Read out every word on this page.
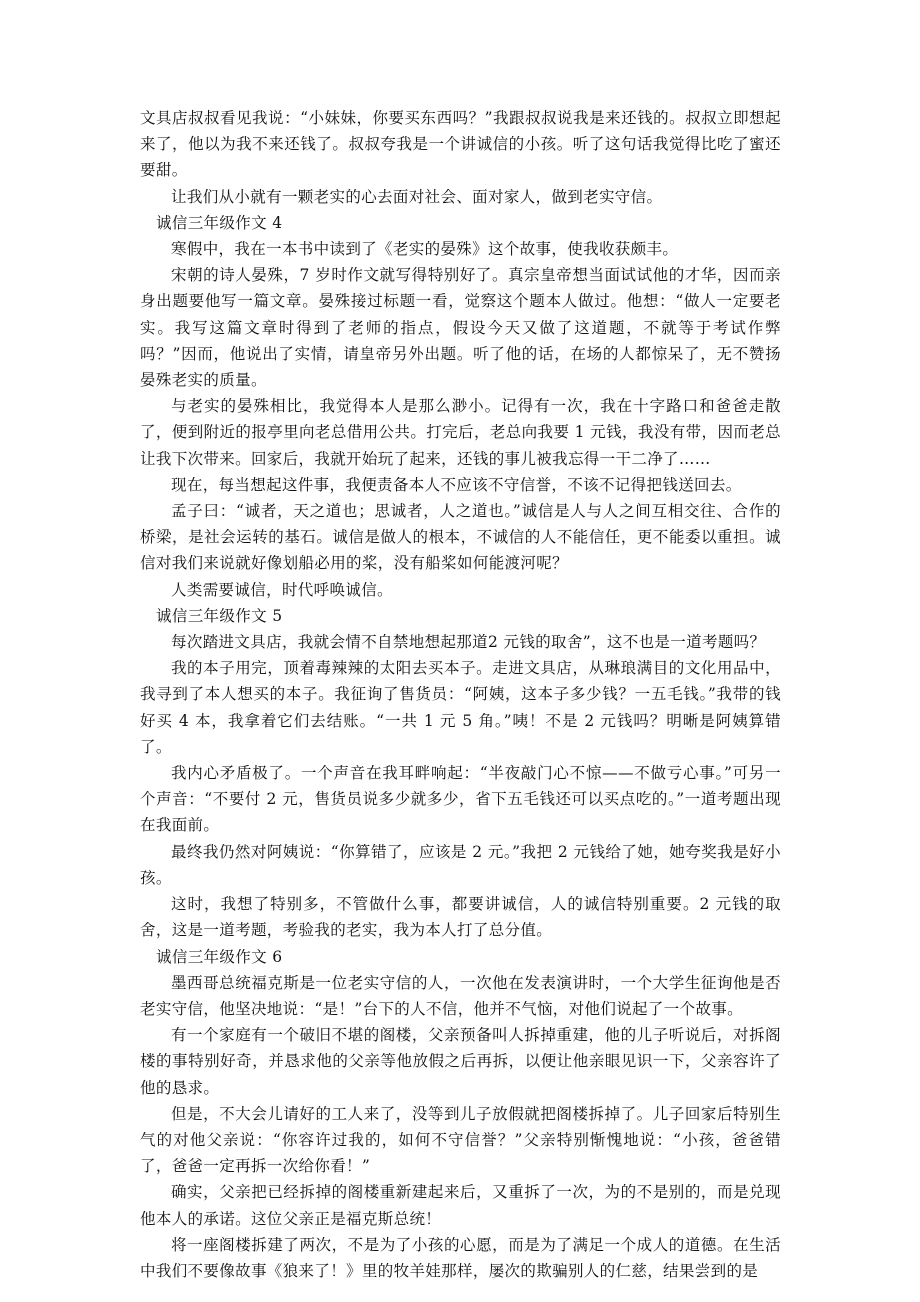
文具店叔叔看见我说：“小妹妹，你要买东西吗？”我跟叔叔说我是来还钱的。叔叔立即想起来了，他以为我不来还钱了。叔叔夸我是一个讲诚信的小孩。听了这句话我觉得比吃了蜜还要甜。

让我们从小就有一颗老实的心去面对社会、面对家人，做到老实守信。

诚信三年级作文 4

寒假中，我在一本书中读到了《老实的晏殊》这个故事，使我收获颇丰。

宋朝的诗人晏殊，7 岁时作文就写得特别好了。真宗皇帝想当面试试他的才华，因而亲身出题要他写一篇文章。晏殊接过标题一看，觉察这个题本人做过。他想：“做人一定要老实。我写这篇文章时得到了老师的指点，假设今天又做了这道题，不就等于考试作弊吗？”因而，他说出了实情，请皇帝另外出题。听了他的话，在场的人都惊呆了，无不赞扬晏殊老实的质量。

与老实的晏殊相比，我觉得本人是那么渺小。记得有一次，我在十字路口和爸爸走散了，便到附近的报亭里向老总借用公共。打完后，老总向我要 1 元钱，我没有带，因而老总让我下次带来。回家后，我就开始玩了起来，还钱的事儿被我忘得一干二净了……

现在，每当想起这件事，我便责备本人不应该不守信誉，不该不记得把钱送回去。

孟子曰：“诚者，天之道也；思诚者，人之道也。”诚信是人与人之间互相交往、合作的桥梁，是社会运转的基石。诚信是做人的根本，不诚信的人不能信任，更不能委以重担。诚信对我们来说就好像划船必用的桨，没有船桨如何能渡河呢？

人类需要诚信，时代呼唤诚信。

诚信三年级作文 5

每次踏进文具店，我就会情不自禁地想起那道2 元钱的取舍”，这不也是一道考题吗？

我的本子用完，顶着毒辣辣的太阳去买本子。走进文具店，从琳琅满目的文化用品中，我寻到了本人想买的本子。我征询了售货员：“阿姨，这本子多少钱？一五毛钱。”我带的钱好买 4 本，我拿着它们去结账。“一共 1 元 5 角。”咦！不是 2 元钱吗？明晰是阿姨算错了。

我内心矛盾极了。一个声音在我耳畔响起：“半夜敲门心不惊——不做亏心事。”可另一个声音：“不要付 2 元，售货员说多少就多少，省下五毛钱还可以买点吃的。”一道考题出现在我面前。

最终我仍然对阿姨说：“你算错了，应该是 2 元。”我把 2 元钱给了她，她夸奖我是好小孩。

这时，我想了特别多，不管做什么事，都要讲诚信，人的诚信特别重要。2 元钱的取舍，这是一道考题，考验我的老实，我为本人打了总分值。

诚信三年级作文 6

墨西哥总统福克斯是一位老实守信的人，一次他在发表演讲时，一个大学生征询他是否老实守信，他坚决地说：“是！”台下的人不信，他并不气恼，对他们说起了一个故事。

有一个家庭有一个破旧不堪的阁楼，父亲预备叫人拆掉重建，他的儿子听说后，对拆阁楼的事特别好奇，并恳求他的父亲等他放假之后再拆，以便让他亲眼见识一下，父亲容许了他的恳求。

但是，不大会儿请好的工人来了，没等到儿子放假就把阁楼拆掉了。儿子回家后特别生气的对他父亲说：“你容许过我的，如何不守信誉？”父亲特别惭愧地说：“小孩，爸爸错了，爸爸一定再拆一次给你看！”

确实，父亲把已经拆掉的阁楼重新建起来后，又重拆了一次，为的不是别的，而是兑现他本人的承诺。这位父亲正是福克斯总统！

将一座阁楼拆建了两次，不是为了小孩的心愿，而是为了满足一个成人的道德。在生活中我们不要像故事《狼来了！》里的牧羊娃那样，屡次的欺骗别人的仁慈，结果尝到的是
